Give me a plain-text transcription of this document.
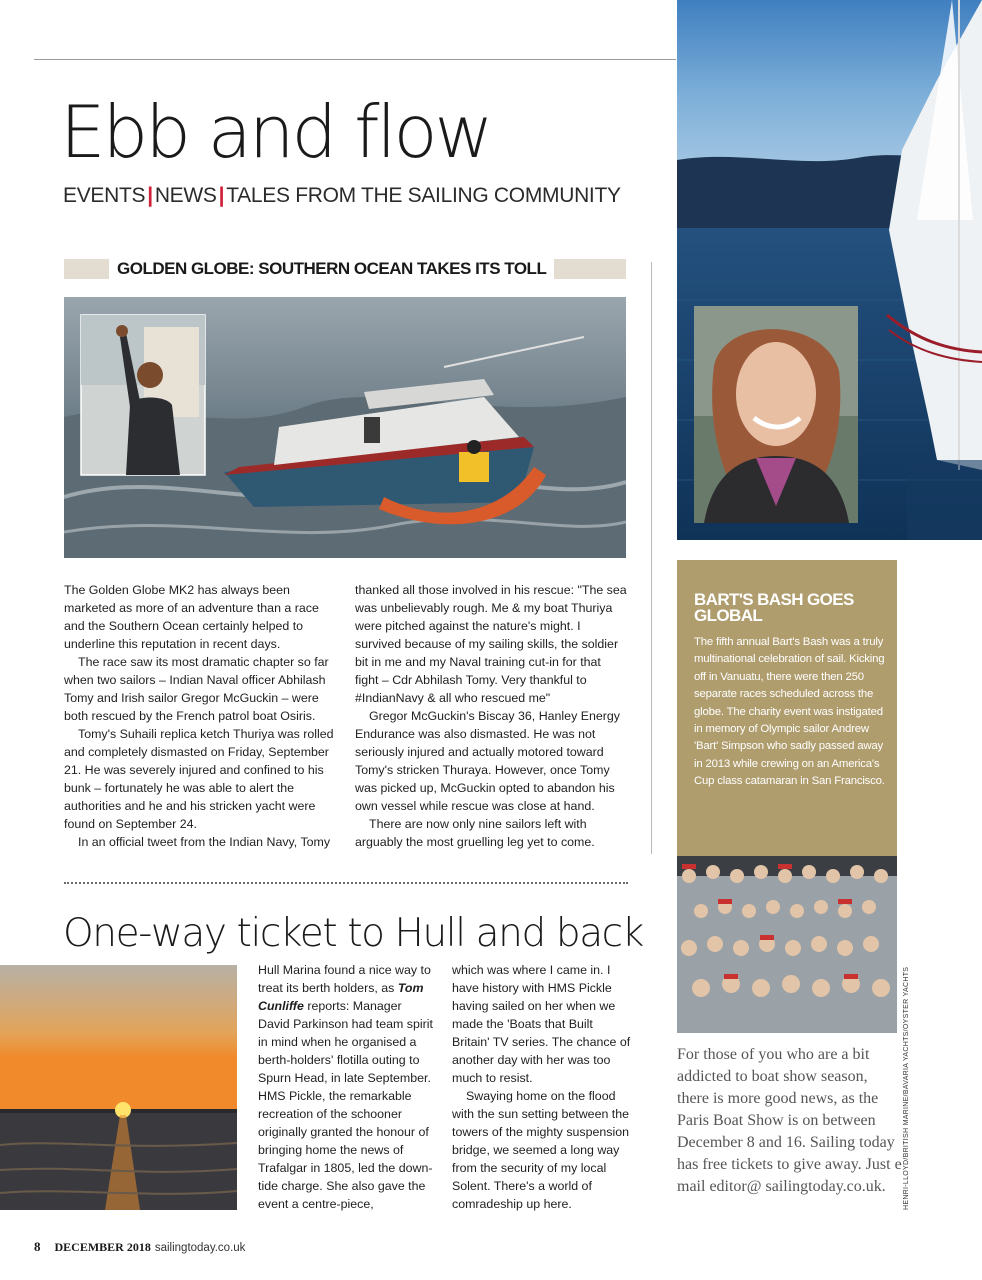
Ebb and flow
EVENTS|NEWS|TALES FROM THE SAILING COMMUNITY
GOLDEN GLOBE: SOUTHERN OCEAN TAKES ITS TOLL

The Golden Globe MK2 has always been marketed as more of an adventure than a race and the Southern Ocean certainly helped to underline this reputation in recent days.

The race saw its most dramatic chapter so far when two sailors – Indian Naval officer Abhilash Tomy and Irish sailor Gregor McGuckin – were both rescued by the French patrol boat Osiris.

Tomy's Suhaili replica ketch Thuriya was rolled and completely dismasted on Friday, September 21. He was severely injured and confined to his bunk – fortunately he was able to alert the authorities and he and his stricken yacht were found on September 24.

In an official tweet from the Indian Navy, Tomy

thanked all those involved in his rescue: "The sea was unbelievably rough. Me & my boat Thuriya were pitched against the nature's might. I survived because of my sailing skills, the soldier bit in me and my Naval training cut-in for that fight – Cdr Abhilash Tomy. Very thankful to #IndianNavy & all who rescued me"

Gregor McGuckin's Biscay 36, Hanley Energy Endurance was also dismasted. He was not seriously injured and actually motored toward Tomy's stricken Thuraya. However, once Tomy was picked up, McGuckin opted to abandon his own vessel while rescue was close at hand.

There are now only nine sailors left with arguably the most gruelling leg yet to come.

BART'S BASH GOES GLOBAL
The fifth annual Bart's Bash was a truly multinational celebration of sail. Kicking off in Vanuatu, there were then 250 separate races scheduled across the globe. The charity event was instigated in memory of Olympic sailor Andrew 'Bart' Simpson who sadly passed away in 2013 while crewing on an America's Cup class catamaran in San Francisco.
One-way ticket to Hull and back

Hull Marina found a nice way to treat its berth holders, as Tom Cunliffe reports: Manager David Parkinson had team spirit in mind when he organised a berth-holders' flotilla outing to Spurn Head, in late September. HMS Pickle, the remarkable recreation of the schooner originally granted the honour of bringing home the news of Trafalgar in 1805, led the down-tide charge. She also gave the event a centre-piece,

which was where I came in. I have history with HMS Pickle having sailed on her when we made the 'Boats that Built Britain' TV series. The chance of another day with her was too much to resist.

Swaying home on the flood with the sun setting between the towers of the mighty suspension bridge, we seemed a long way from the security of my local Solent. There's a world of comradeship up here.

For those of you who are a bit addicted to boat show season, there is more good news, as the Paris Boat Show is on between December 8 and 16. Sailing today has free tickets to give away. Just e mail editor@ sailingtoday.co.uk.	HENRI-LLOYD/BRITISH MARINE/BAVARIA YACHTS/OYSTER YACHTS
8 DECEMBER 2018 sailingtoday.co.uk
